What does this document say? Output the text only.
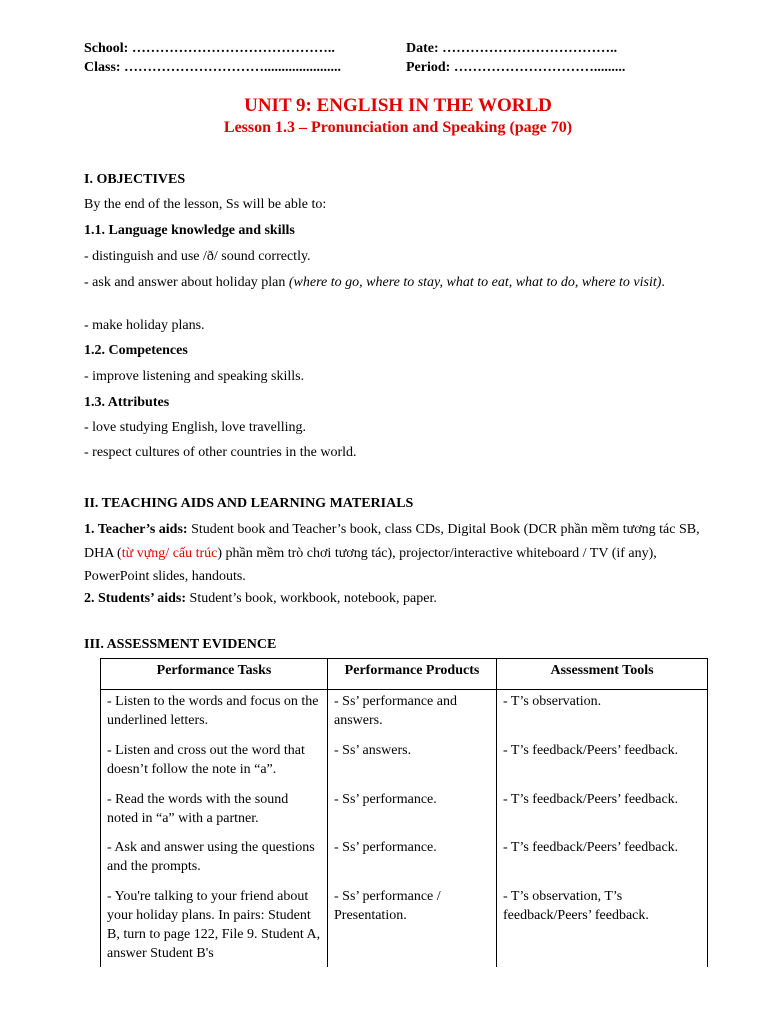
School: ……………………………………..
Class: …………………………......................
Date: ………………………………..
Period: ………………………….........
UNIT 9: ENGLISH IN THE WORLD
Lesson 1.3 – Pronunciation and Speaking (page 70)
I. OBJECTIVES
By the end of the lesson, Ss will be able to:
1.1. Language knowledge and skills
- distinguish and use /ð/ sound correctly.
- ask and answer about holiday plan (where to go, where to stay, what to eat, what to do, where to visit).
- make holiday plans.
1.2. Competences
- improve listening and speaking skills.
1.3. Attributes
- love studying English, love travelling.
- respect cultures of other countries in the world.
II. TEACHING AIDS AND LEARNING MATERIALS
1. Teacher’s aids: Student book and Teacher’s book, class CDs, Digital Book (DCR phần mềm tương tác SB, DHA (từ vựng/ cấu trúc) phần mềm trò chơi tương tác), projector/interactive whiteboard / TV (if any), PowerPoint slides, handouts.
2. Students’ aids: Student’s book, workbook, notebook, paper.
III. ASSESSMENT EVIDENCE
Performance Tasks	Performance Products	Assessment Tools
- Listen to the words and focus on the underlined letters.	- Ss’ performance and answers.	- T’s observation.
- Listen and cross out the word that doesn’t follow the note in “a”.	- Ss’ answers.	- T’s feedback/Peers’ feedback.
- Read the words with the sound noted in “a” with a partner.	- Ss’ performance.	- T’s feedback/Peers’ feedback.
- Ask and answer using the questions and the prompts.	- Ss’ performance.	- T’s feedback/Peers’ feedback.
- You're talking to your friend about your holiday plans. In pairs: Student B, turn to page 122, File 9. Student A, answer Student B's	- Ss’ performance / Presentation.	- T’s observation, T’s feedback/Peers’ feedback.
